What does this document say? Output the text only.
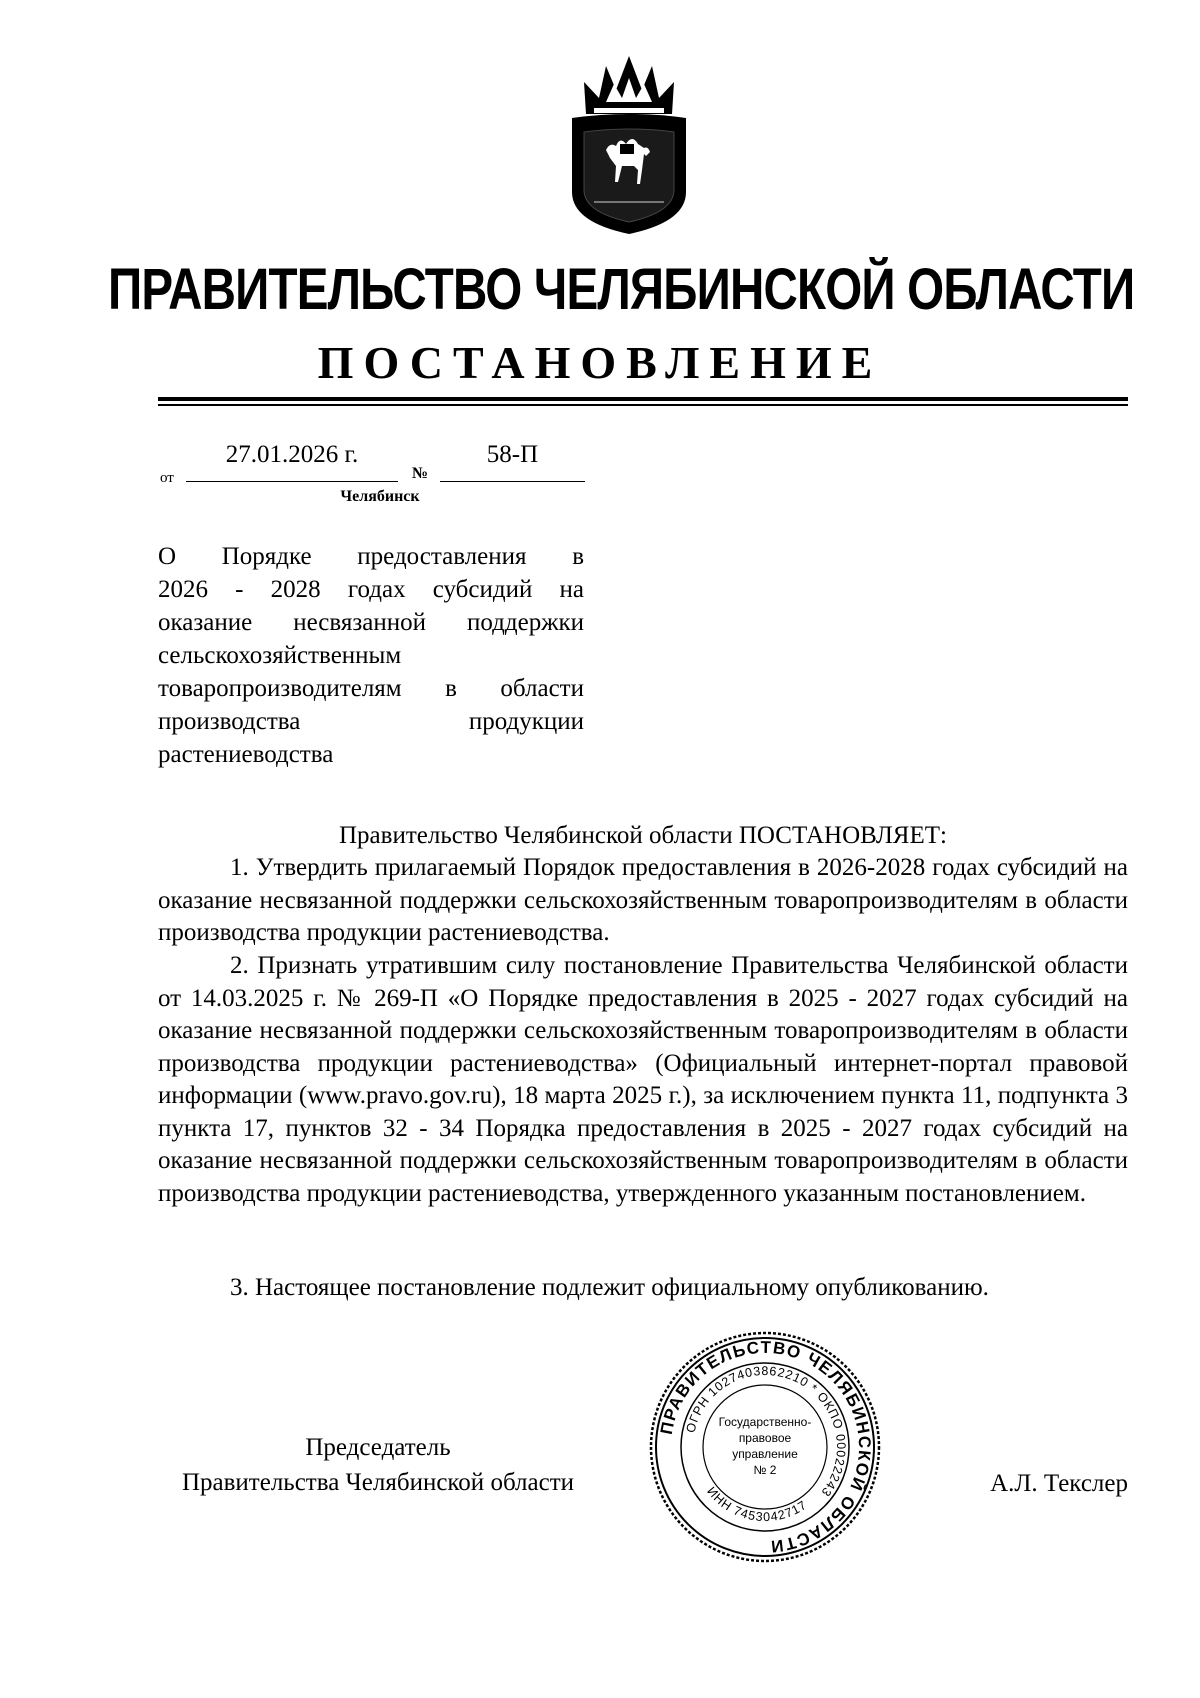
ПРАВИТЕЛЬСТВО ЧЕЛЯБИНСКОЙ ОБЛАСТИ
ПОСТАНОВЛЕНИЕ
от
27.01.2026 г.
№
58-П
Челябинск
О Порядке предоставления в
2026 - 2028 годах субсидий на
оказание несвязанной поддержки
сельскохозяйственным
товаропроизводителям в области
производства продукции
растениеводства
Правительство Челябинской области ПОСТАНОВЛЯЕТ:

1. Утвердить прилагаемый Порядок предоставления в 2026-2028 годах субсидий на оказание несвязанной поддержки сельскохозяйственным товаропроизводителям в области производства продукции растениеводства.

2. Признать утратившим силу постановление Правительства Челябинской области от 14.03.2025 г. № 269-П «О Порядке предоставления в 2025 - 2027 годах субсидий на оказание несвязанной поддержки сельскохозяйственным товаропроизводителям в области производства продукции растениеводства» (Официальный интернет-портал правовой информации (www.pravo.gov.ru), 18 марта 2025 г.), за исключением пункта 11, подпункта 3 пункта 17, пунктов 32 - 34 Порядка предоставления в 2025 - 2027 годах субсидий на оказание несвязанной поддержки сельскохозяйственным товаропроизводителям в области производства продукции растениеводства, утвержденного указанным постановлением.

3. Настоящее постановление подлежит официальному опубликованию.

Председатель
Правительства Челябинской области	А.Л. Текслер
ПРАВИТЕЛЬСТВО ЧЕЛЯБИНСКОЙ ОБЛАСТИ
ОГРН 1027403862210 * ОКПО 00022243
ИНН 7453042717
Государственно-
правовое
управление
№ 2
